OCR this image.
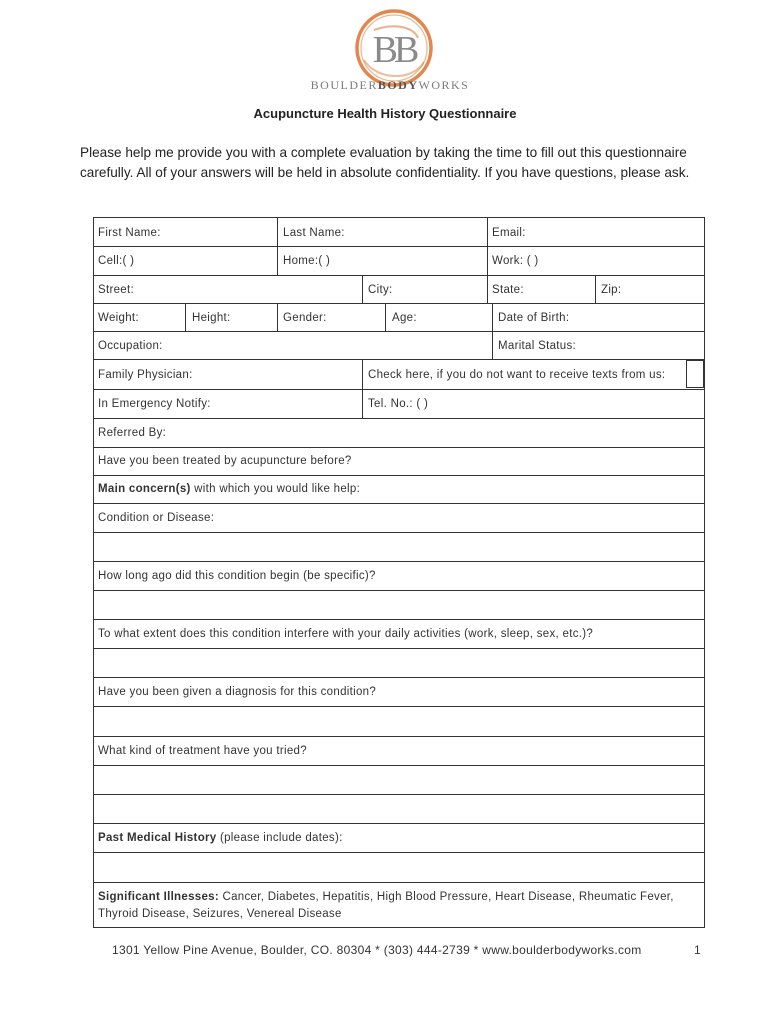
BB
BOULDERBODYWORKS
Acupuncture Health History Questionnaire
Please help me provide you with a complete evaluation by taking the time to fill out this questionnaire carefully. All of your answers will be held in absolute confidentiality. If you have questions, please ask.
First Name:	Last Name:	Email:
Cell:( )	Home:( )	Work: ( )
Street:	City:	State:	Zip:
Weight:	Height:	Gender:	Age:	Date of Birth:
Occupation:	Marital Status:
Family Physician:	Check here, if you do not want to receive texts from us:
In Emergency Notify:	Tel. No.: ( )
Referred By:
Have you been treated by acupuncture before?
Main concern(s) with which you would like help:
Condition or Disease:
How long ago did this condition begin (be specific)?
To what extent does this condition interfere with your daily activities (work, sleep, sex, etc.)?
Have you been given a diagnosis for this condition?
What kind of treatment have you tried?
Past Medical History (please include dates):
Significant Illnesses: Cancer, Diabetes, Hepatitis, High Blood Pressure, Heart Disease, Rheumatic Fever, Thyroid Disease, Seizures, Venereal Disease
1301 Yellow Pine Avenue, Boulder, CO. 80304 * (303) 444-2739 * www.boulderbodyworks.com	1
